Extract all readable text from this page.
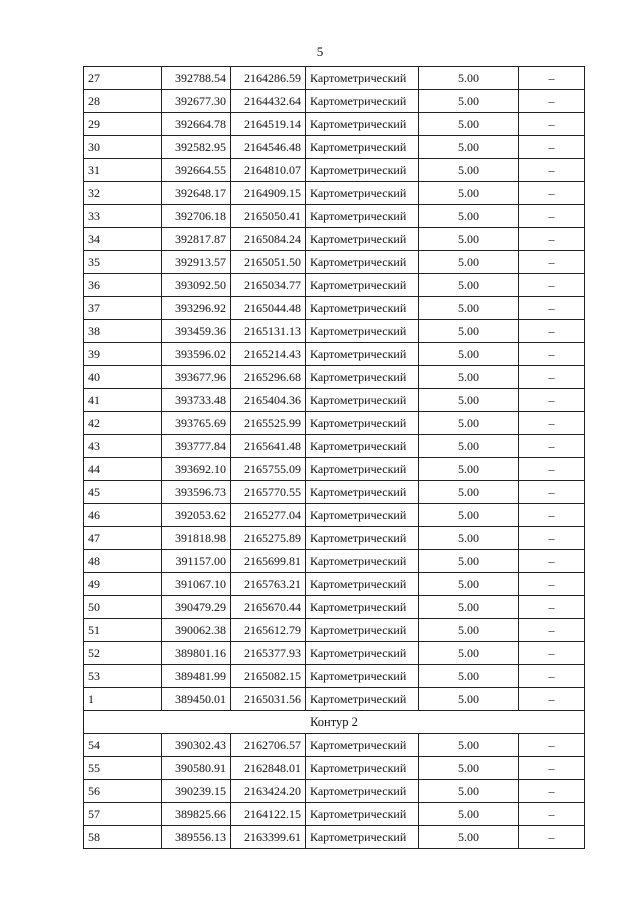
5
27	392788.54	2164286.59	Картометрический	5.00	–
28	392677.30	2164432.64	Картометрический	5.00	–
29	392664.78	2164519.14	Картометрический	5.00	–
30	392582.95	2164546.48	Картометрический	5.00	–
31	392664.55	2164810.07	Картометрический	5.00	–
32	392648.17	2164909.15	Картометрический	5.00	–
33	392706.18	2165050.41	Картометрический	5.00	–
34	392817.87	2165084.24	Картометрический	5.00	–
35	392913.57	2165051.50	Картометрический	5.00	–
36	393092.50	2165034.77	Картометрический	5.00	–
37	393296.92	2165044.48	Картометрический	5.00	–
38	393459.36	2165131.13	Картометрический	5.00	–
39	393596.02	2165214.43	Картометрический	5.00	–
40	393677.96	2165296.68	Картометрический	5.00	–
41	393733.48	2165404.36	Картометрический	5.00	–
42	393765.69	2165525.99	Картометрический	5.00	–
43	393777.84	2165641.48	Картометрический	5.00	–
44	393692.10	2165755.09	Картометрический	5.00	–
45	393596.73	2165770.55	Картометрический	5.00	–
46	392053.62	2165277.04	Картометрический	5.00	–
47	391818.98	2165275.89	Картометрический	5.00	–
48	391157.00	2165699.81	Картометрический	5.00	–
49	391067.10	2165763.21	Картометрический	5.00	–
50	390479.29	2165670.44	Картометрический	5.00	–
51	390062.38	2165612.79	Картометрический	5.00	–
52	389801.16	2165377.93	Картометрический	5.00	–
53	389481.99	2165082.15	Картометрический	5.00	–
1	389450.01	2165031.56	Картометрический	5.00	–
Контур 2					
54	390302.43	2162706.57	Картометрический	5.00	–
55	390580.91	2162848.01	Картометрический	5.00	–
56	390239.15	2163424.20	Картометрический	5.00	–
57	389825.66	2164122.15	Картометрический	5.00	–
58	389556.13	2163399.61	Картометрический	5.00	–
